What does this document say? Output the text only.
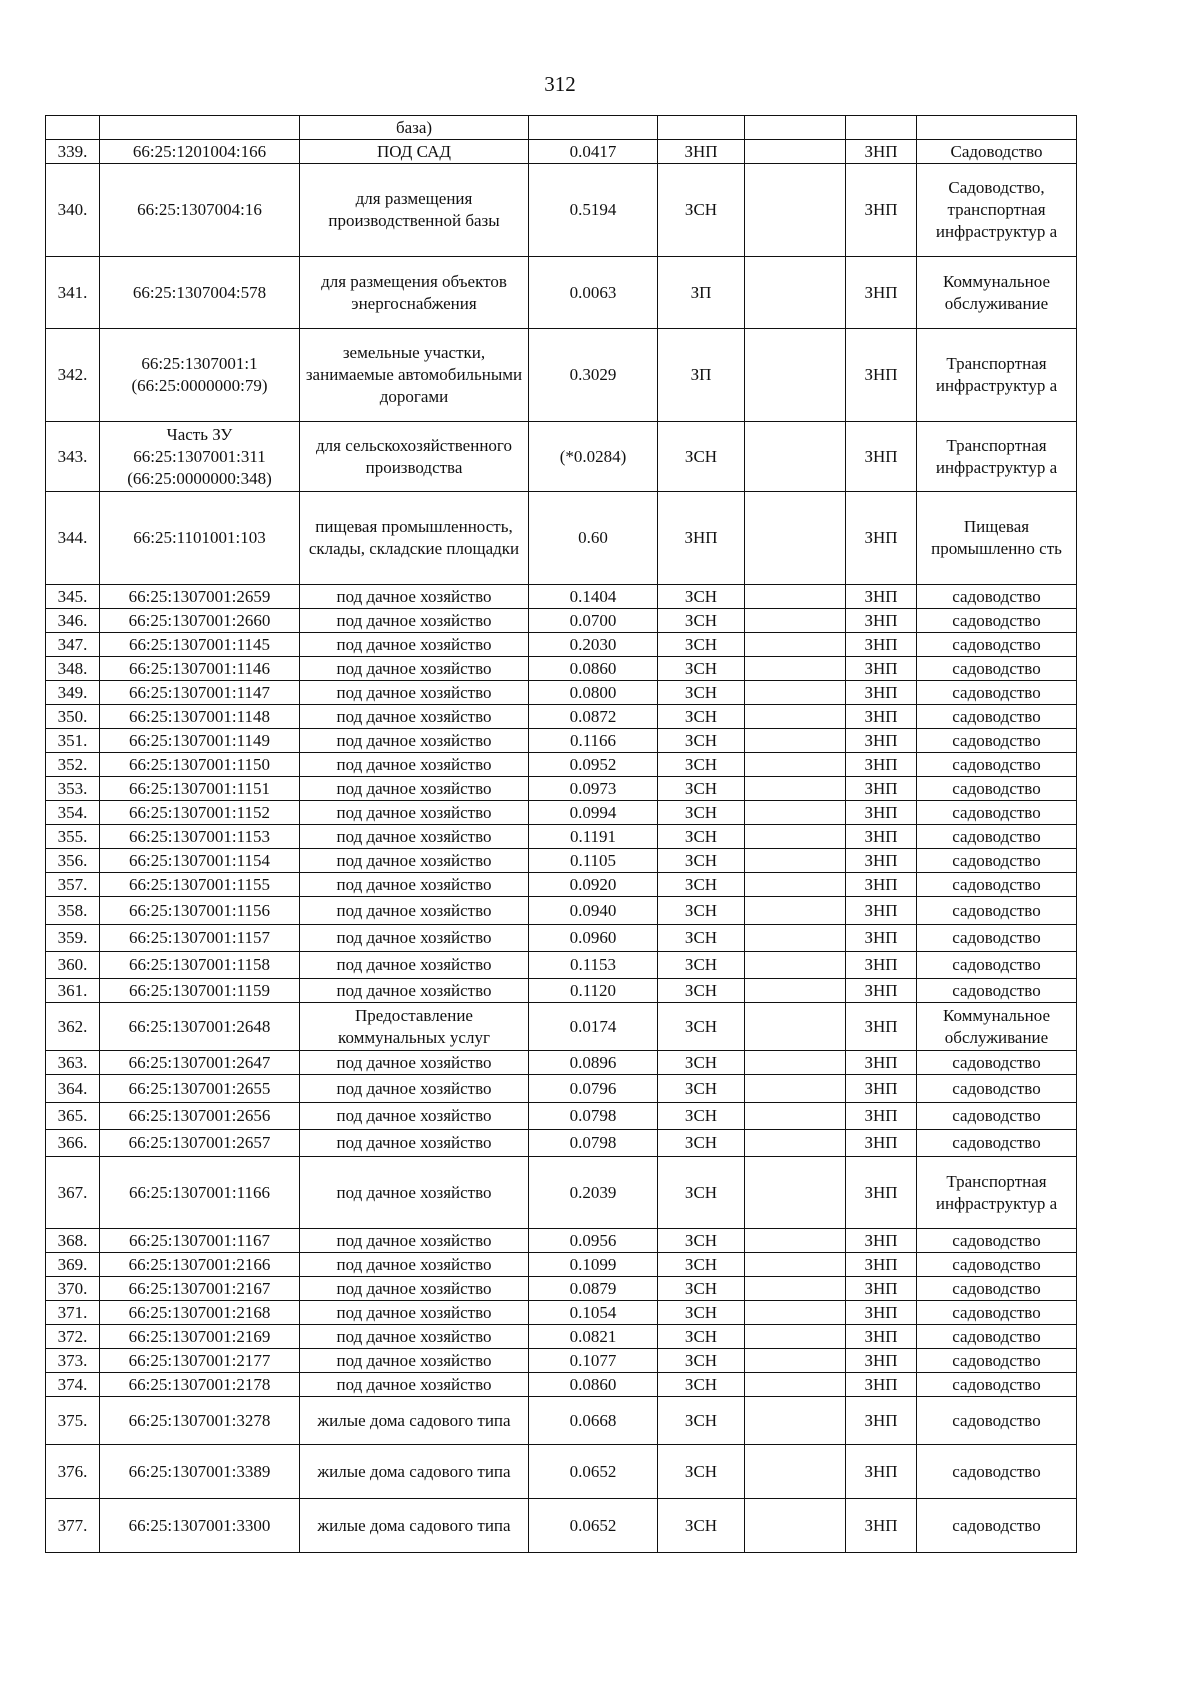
312
		база)					
339.	66:25:1201004:166	ПОД САД	0.0417	ЗНП		ЗНП	Садоводство
340.	66:25:1307004:16	для размещения производственной базы	0.5194	ЗСН		ЗНП	Садоводство, транспортная инфраструктур а
341.	66:25:1307004:578	для размещения объектов энергоснабжения	0.0063	ЗП		ЗНП	Коммунальное обслуживание
342.	66:25:1307001:1 (66:25:0000000:79)	земельные участки, занимаемые автомобильными дорогами	0.3029	ЗП		ЗНП	Транспортная инфраструктур а
343.	Часть ЗУ 66:25:1307001:311 (66:25:0000000:348)	для сельскохозяйственного производства	(*0.0284)	ЗСН		ЗНП	Транспортная инфраструктур а
344.	66:25:1101001:103	пищевая промышленность, склады, складские площадки	0.60	ЗНП		ЗНП	Пищевая промышленно сть
345.	66:25:1307001:2659	под дачное хозяйство	0.1404	ЗСН		ЗНП	садоводство
346.	66:25:1307001:2660	под дачное хозяйство	0.0700	ЗСН		ЗНП	садоводство
347.	66:25:1307001:1145	под дачное хозяйство	0.2030	ЗСН		ЗНП	садоводство
348.	66:25:1307001:1146	под дачное хозяйство	0.0860	ЗСН		ЗНП	садоводство
349.	66:25:1307001:1147	под дачное хозяйство	0.0800	ЗСН		ЗНП	садоводство
350.	66:25:1307001:1148	под дачное хозяйство	0.0872	ЗСН		ЗНП	садоводство
351.	66:25:1307001:1149	под дачное хозяйство	0.1166	ЗСН		ЗНП	садоводство
352.	66:25:1307001:1150	под дачное хозяйство	0.0952	ЗСН		ЗНП	садоводство
353.	66:25:1307001:1151	под дачное хозяйство	0.0973	ЗСН		ЗНП	садоводство
354.	66:25:1307001:1152	под дачное хозяйство	0.0994	ЗСН		ЗНП	садоводство
355.	66:25:1307001:1153	под дачное хозяйство	0.1191	ЗСН		ЗНП	садоводство
356.	66:25:1307001:1154	под дачное хозяйство	0.1105	ЗСН		ЗНП	садоводство
357.	66:25:1307001:1155	под дачное хозяйство	0.0920	ЗСН		ЗНП	садоводство
358.	66:25:1307001:1156	под дачное хозяйство	0.0940	ЗСН		ЗНП	садоводство
359.	66:25:1307001:1157	под дачное хозяйство	0.0960	ЗСН		ЗНП	садоводство
360.	66:25:1307001:1158	под дачное хозяйство	0.1153	ЗСН		ЗНП	садоводство
361.	66:25:1307001:1159	под дачное хозяйство	0.1120	ЗСН		ЗНП	садоводство
362.	66:25:1307001:2648	Предоставление коммунальных услуг	0.0174	ЗСН		ЗНП	Коммунальное обслуживание
363.	66:25:1307001:2647	под дачное хозяйство	0.0896	ЗСН		ЗНП	садоводство
364.	66:25:1307001:2655	под дачное хозяйство	0.0796	ЗСН		ЗНП	садоводство
365.	66:25:1307001:2656	под дачное хозяйство	0.0798	ЗСН		ЗНП	садоводство
366.	66:25:1307001:2657	под дачное хозяйство	0.0798	ЗСН		ЗНП	садоводство
367.	66:25:1307001:1166	под дачное хозяйство	0.2039	ЗСН		ЗНП	Транспортная инфраструктур а
368.	66:25:1307001:1167	под дачное хозяйство	0.0956	ЗСН		ЗНП	садоводство
369.	66:25:1307001:2166	под дачное хозяйство	0.1099	ЗСН		ЗНП	садоводство
370.	66:25:1307001:2167	под дачное хозяйство	0.0879	ЗСН		ЗНП	садоводство
371.	66:25:1307001:2168	под дачное хозяйство	0.1054	ЗСН		ЗНП	садоводство
372.	66:25:1307001:2169	под дачное хозяйство	0.0821	ЗСН		ЗНП	садоводство
373.	66:25:1307001:2177	под дачное хозяйство	0.1077	ЗСН		ЗНП	садоводство
374.	66:25:1307001:2178	под дачное хозяйство	0.0860	ЗСН		ЗНП	садоводство
375.	66:25:1307001:3278	жилые дома садового типа	0.0668	ЗСН		ЗНП	садоводство
376.	66:25:1307001:3389	жилые дома садового типа	0.0652	ЗСН		ЗНП	садоводство
377.	66:25:1307001:3300	жилые дома садового типа	0.0652	ЗСН		ЗНП	садоводство
